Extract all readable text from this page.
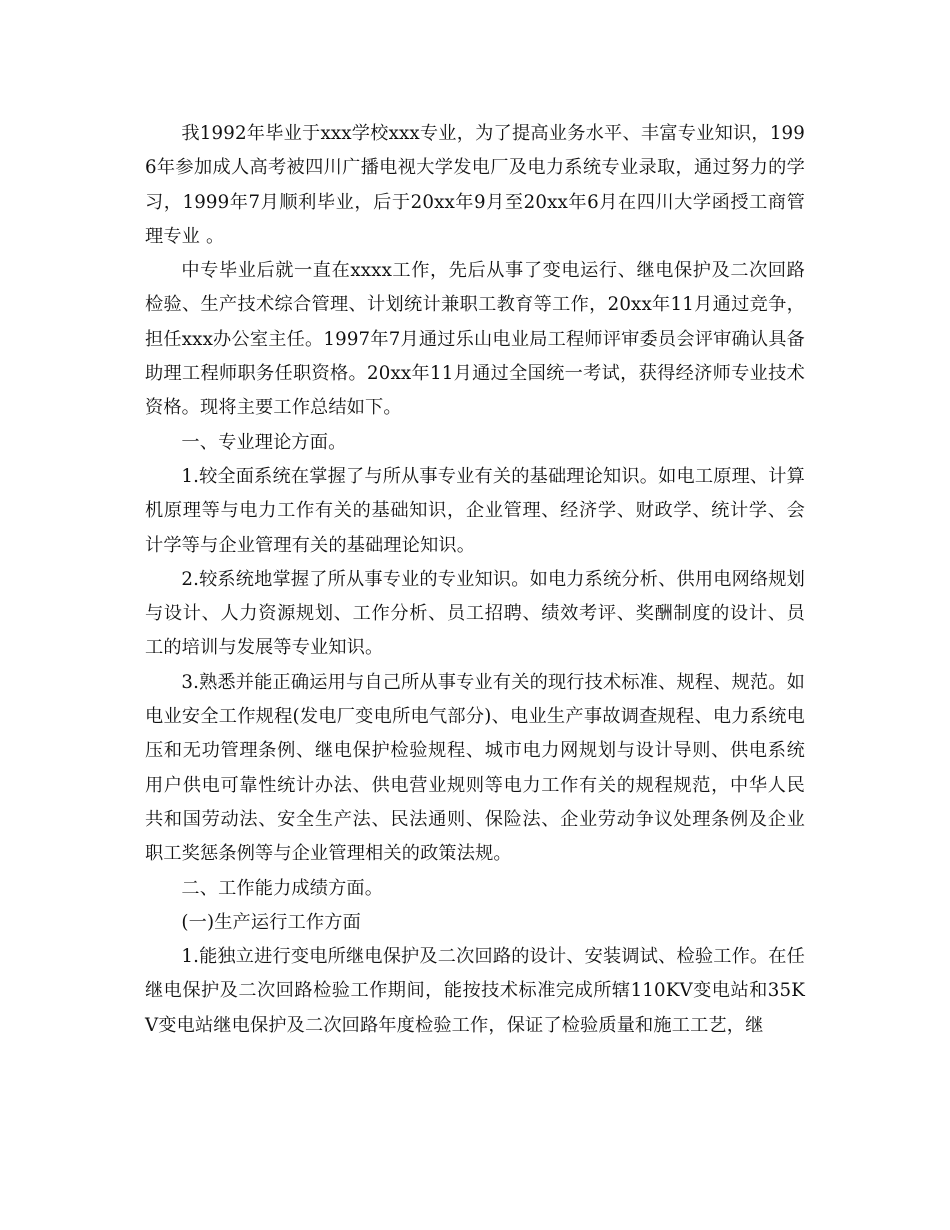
我1992年毕业于xxx学校xxx专业，为了提高业务水平、丰富专业知识，1996年参加成人高考被四川广播电视大学发电厂及电力系统专业录取，通过努力的学习，1999年7月顺利毕业，后于20xx年9月至20xx年6月在四川大学函授工商管理专业 。

中专毕业后就一直在xxxx工作，先后从事了变电运行、继电保护及二次回路检验、生产技术综合管理、计划统计兼职工教育等工作，20xx年11月通过竞争，担任xxx办公室主任。1997年7月通过乐山电业局工程师评审委员会评审确认具备助理工程师职务任职资格。20xx年11月通过全国统一考试，获得经济师专业技术资格。现将主要工作总结如下。

一、专业理论方面。

1.较全面系统在掌握了与所从事专业有关的基础理论知识。如电工原理、计算机原理等与电力工作有关的基础知识，企业管理、经济学、财政学、统计学、会计学等与企业管理有关的基础理论知识。

2.较系统地掌握了所从事专业的专业知识。如电力系统分析、供用电网络规划与设计、人力资源规划、工作分析、员工招聘、绩效考评、奖酬制度的设计、员工的培训与发展等专业知识。

3.熟悉并能正确运用与自己所从事专业有关的现行技术标准、规程、规范。如电业安全工作规程(发电厂变电所电气部分)、电业生产事故调查规程、电力系统电压和无功管理条例、继电保护检验规程、城市电力网规划与设计导则、供电系统用户供电可靠性统计办法、供电营业规则等电力工作有关的规程规范，中华人民共和国劳动法、安全生产法、民法通则、保险法、企业劳动争议处理条例及企业职工奖惩条例等与企业管理相关的政策法规。

二、工作能力成绩方面。

(一)生产运行工作方面

1.能独立进行变电所继电保护及二次回路的设计、安装调试、检验工作。在任继电保护及二次回路检验工作期间，能按技术标准完成所辖110KV变电站和35KV变电站继电保护及二次回路年度检验工作，保证了检验质量和施工工艺，继
